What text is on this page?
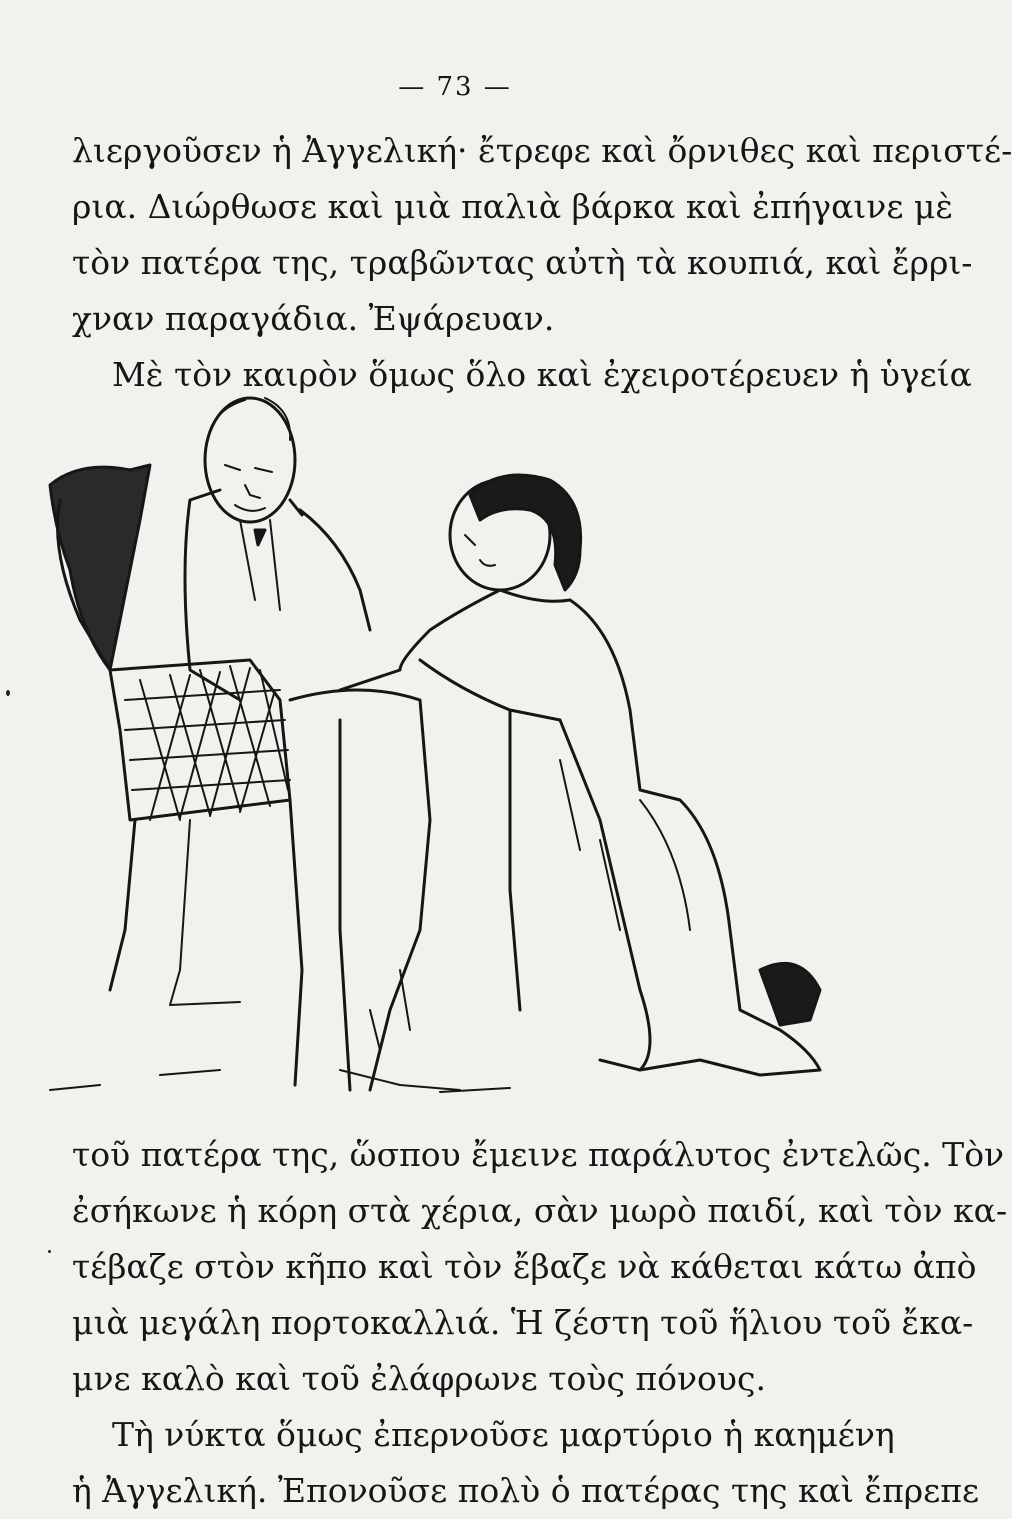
— 73 —
λιεργοῦσεν ἡ Ἀγγελική· ἔτρεφε καὶ ὄρνιθες καὶ περιστέ-
ρια. Διώρθωσε καὶ μιὰ παλιὰ βάρκα καὶ ἐπήγαινε μὲ
τὸν πατέρα της, τραβῶντας αὐτὴ τὰ κουπιά, καὶ ἔρρι-
χναν παραγάδια. Ἐψάρευαν.
Μὲ τὸν καιρὸν ὅμως ὅλο καὶ ἐχειροτέρευεν ἡ ὑγεία
τοῦ πατέρα της, ὥσπου ἔμεινε παράλυτος ἐντελῶς. Τὸν
ἐσήκωνε ἡ κόρη στὰ χέρια, σὰν μωρὸ παιδί, καὶ τὸν κα-
τέβαζε στὸν κῆπο καὶ τὸν ἔβαζε νὰ κάθεται κάτω ἀπὸ
μιὰ μεγάλη πορτοκαλλιά. Ἡ ζέστη τοῦ ἥλιου τοῦ ἔκα-
μνε καλὸ καὶ τοῦ ἐλάφρωνε τοὺς πόνους.
Τὴ νύκτα ὅμως ἐπερνοῦσε μαρτύριο ἡ καημένη
ἡ Ἀγγελική. Ἐπονοῦσε πολὺ ὁ πατέρας της καὶ ἔπρεπε
